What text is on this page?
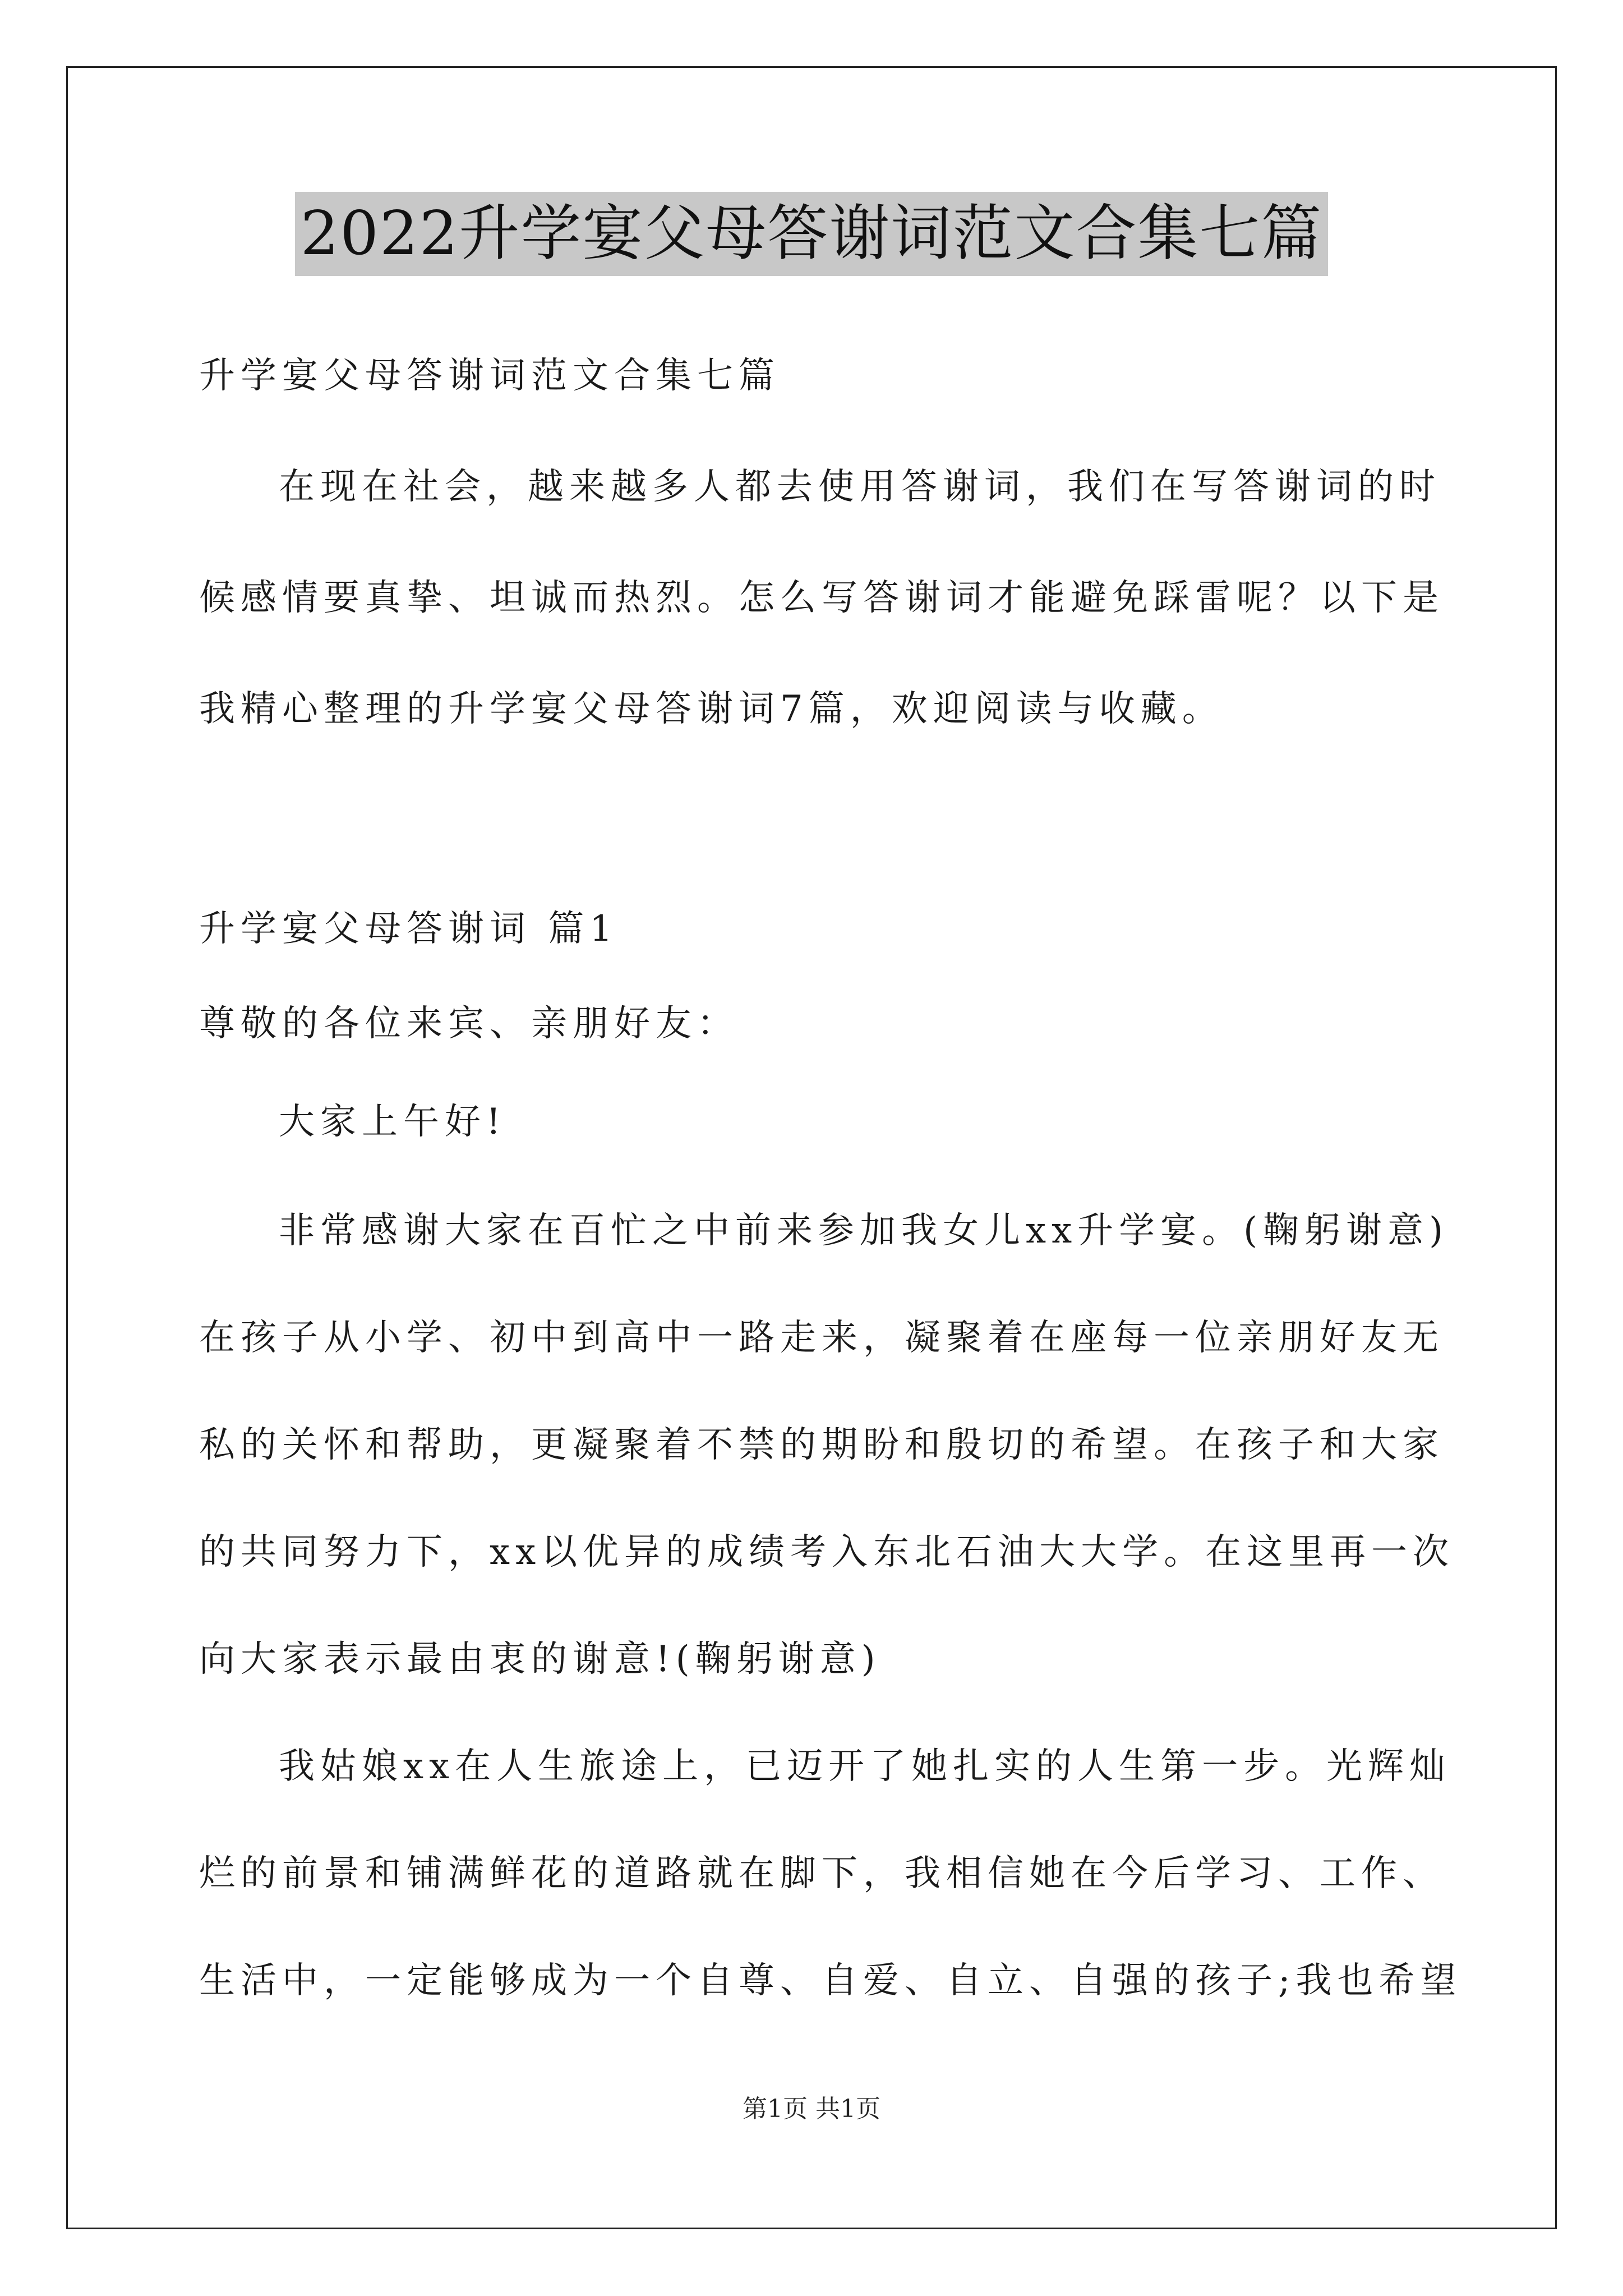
2022升学宴父母答谢词范文合集七篇
升学宴父母答谢词范文合集七篇
在现在社会，越来越多人都去使用答谢词，我们在写答谢词的时
候感情要真挚、坦诚而热烈。怎么写答谢词才能避免踩雷呢？以下是
我精心整理的升学宴父母答谢词7篇，欢迎阅读与收藏。
升学宴父母答谢词 篇1
尊敬的各位来宾、亲朋好友：
大家上午好!
非常感谢大家在百忙之中前来参加我女儿xx升学宴。(鞠躬谢意)
在孩子从小学、初中到高中一路走来，凝聚着在座每一位亲朋好友无
私的关怀和帮助，更凝聚着不禁的期盼和殷切的希望。在孩子和大家
的共同努力下，xx以优异的成绩考入东北石油大大学。在这里再一次
向大家表示最由衷的谢意!(鞠躬谢意)
我姑娘xx在人生旅途上，已迈开了她扎实的人生第一步。光辉灿
烂的前景和铺满鲜花的道路就在脚下，我相信她在今后学习、工作、
生活中，一定能够成为一个自尊、自爱、自立、自强的孩子;我也希望
第1页 共1页
